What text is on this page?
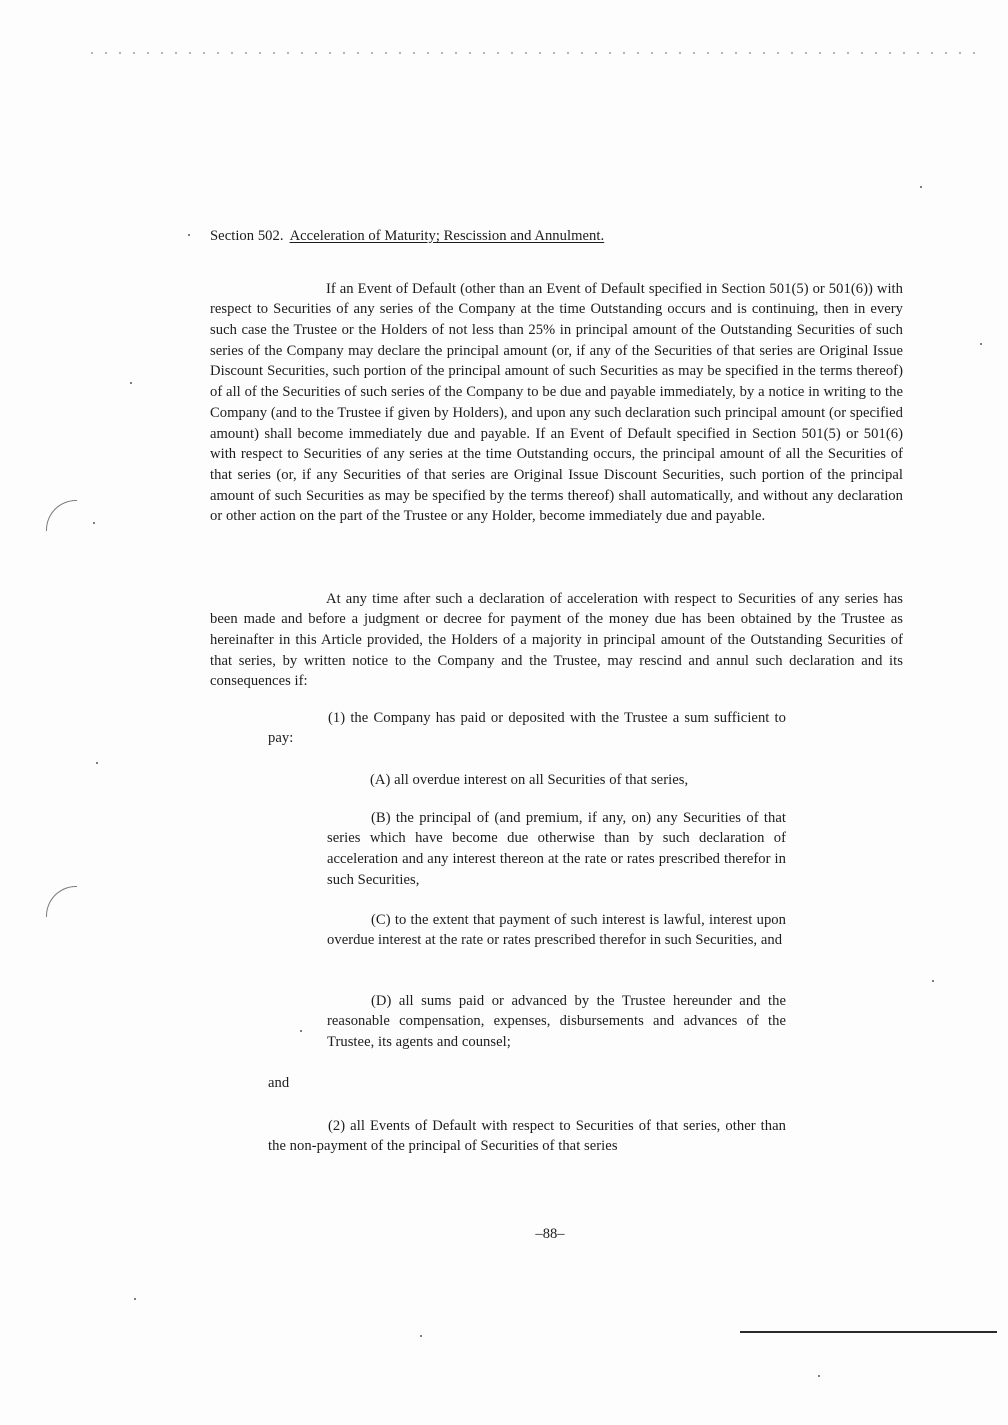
Section 502. Acceleration of Maturity; Rescission and Annulment.

If an Event of Default (other than an Event of Default specified in Section 501(5) or 501(6)) with respect to Securities of any series of the Company at the time Outstanding occurs and is continuing, then in every such case the Trustee or the Holders of not less than 25% in principal amount of the Outstanding Securities of such series of the Company may declare the principal amount (or, if any of the Securities of that series are Original Issue Discount Securities, such portion of the principal amount of such Securities as may be specified in the terms thereof) of all of the Securities of such series of the Company to be due and payable immediately, by a notice in writing to the Company (and to the Trustee if given by Holders), and upon any such declaration such principal amount (or specified amount) shall become immediately due and payable. If an Event of Default specified in Section 501(5) or 501(6) with respect to Securities of any series at the time Outstanding occurs, the principal amount of all the Securities of that series (or, if any Securities of that series are Original Issue Discount Securities, such portion of the principal amount of such Securities as may be specified by the terms thereof) shall automatically, and without any declaration or other action on the part of the Trustee or any Holder, become immediately due and payable.

At any time after such a declaration of acceleration with respect to Securities of any series has been made and before a judgment or decree for payment of the money due has been obtained by the Trustee as hereinafter in this Article provided, the Holders of a majority in principal amount of the Outstanding Securities of that series, by written notice to the Company and the Trustee, may rescind and annul such declaration and its consequences if:

(1) the Company has paid or deposited with the Trustee a sum sufficient to pay:

(A) all overdue interest on all Securities of that series,

(B) the principal of (and premium, if any, on) any Securities of that series which have become due otherwise than by such declaration of acceleration and any interest thereon at the rate or rates prescribed therefor in such Securities,

(C) to the extent that payment of such interest is lawful, interest upon overdue interest at the rate or rates prescribed therefor in such Securities, and

(D) all sums paid or advanced by the Trustee hereunder and the reasonable compensation, expenses, disbursements and advances of the Trustee, its agents and counsel;

and

(2) all Events of Default with respect to Securities of that series, other than the non-payment of the principal of Securities of that series

–88–
